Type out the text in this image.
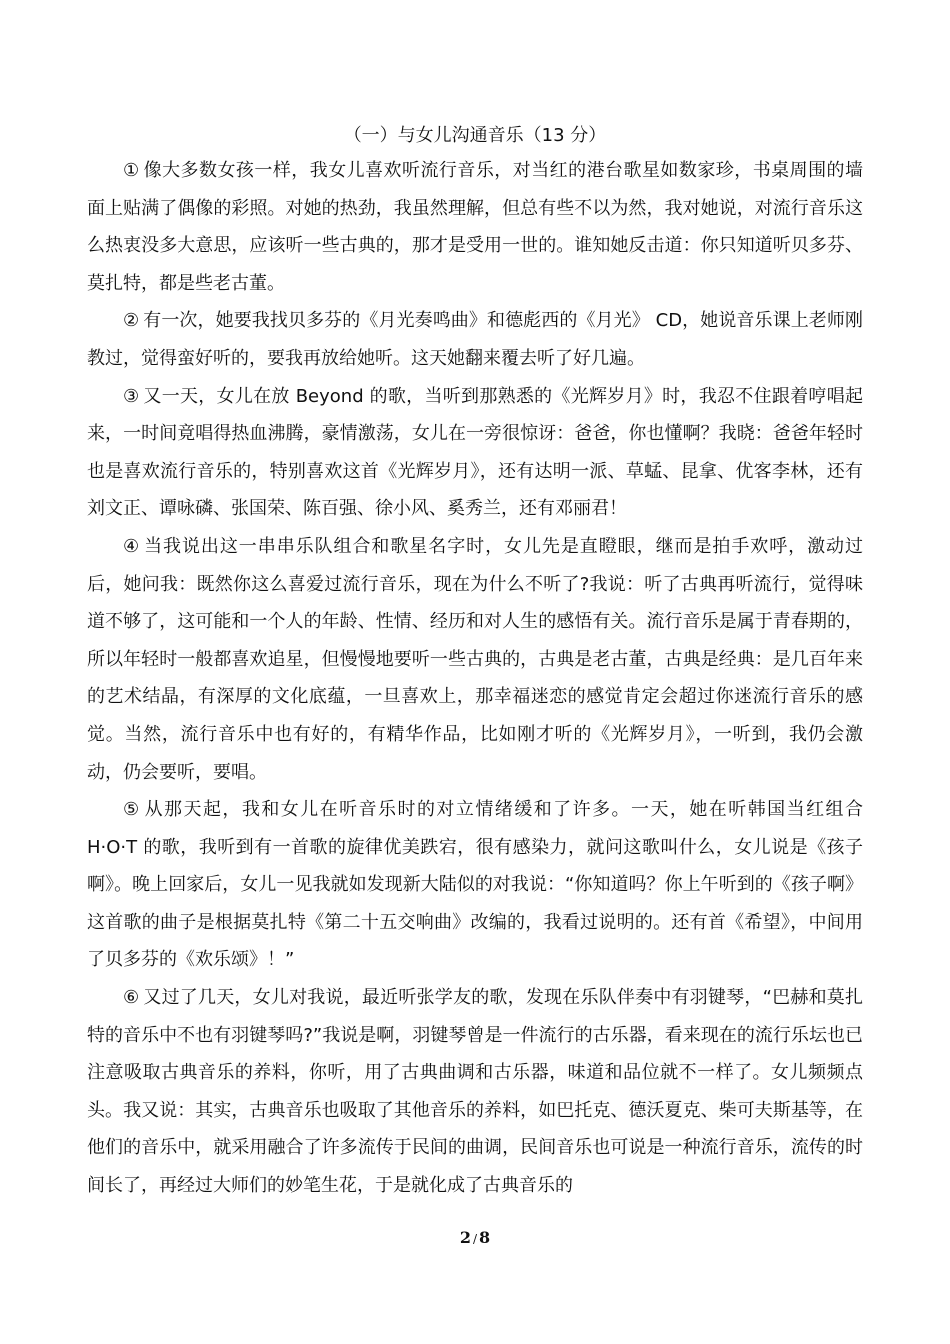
（一）与女儿沟通音乐（13 分）

① 像大多数女孩一样，我女儿喜欢听流行音乐，对当红的港台歌星如数家珍，书桌周围的墙面上贴满了偶像的彩照。对她的热劲，我虽然理解，但总有些不以为然，我对她说，对流行音乐这么热衷没多大意思，应该听一些古典的，那才是受用一世的。谁知她反击道：你只知道听贝多芬、莫扎特，都是些老古董。

② 有一次，她要我找贝多芬的《月光奏鸣曲》和德彪西的《月光》 CD，她说音乐课上老师刚教过，觉得蛮好听的，要我再放给她听。这天她翻来覆去听了好几遍。

③ 又一天，女儿在放 Beyond 的歌，当听到那熟悉的《光辉岁月》时，我忍不住跟着哼唱起来，一时间竟唱得热血沸腾，豪情激荡，女儿在一旁很惊讶：爸爸，你也懂啊？我晓：爸爸年轻时也是喜欢流行音乐的，特别喜欢这首《光辉岁月》，还有达明一派、草蜢、昆拿、优客李林，还有刘文正、谭咏磷、张国荣、陈百强、徐小风、奚秀兰，还有邓丽君！

④ 当我说出这一串串乐队组合和歌星名字时，女儿先是直瞪眼，继而是拍手欢呼，激动过后，她问我：既然你这么喜爱过流行音乐，现在为什么不听了?我说：听了古典再听流行，觉得味道不够了，这可能和一个人的年龄、性情、经历和对人生的感悟有关。流行音乐是属于青春期的，所以年轻时一般都喜欢追星，但慢慢地要听一些古典的，古典是老古董，古典是经典：是几百年来的艺术结晶，有深厚的文化底蕴，一旦喜欢上，那幸福迷恋的感觉肯定会超过你迷流行音乐的感觉。当然，流行音乐中也有好的，有精华作品，比如刚才听的《光辉岁月》，一听到，我仍会激动，仍会要听，要唱。

⑤ 从那天起，我和女儿在听音乐时的对立情绪缓和了许多。一天，她在听韩国当红组合 H·O·T 的歌，我听到有一首歌的旋律优美跌宕，很有感染力，就问这歌叫什么，女儿说是《孩子啊》。晚上回家后，女儿一见我就如发现新大陆似的对我说：“你知道吗？你上午听到的《孩子啊》这首歌的曲子是根据莫扎特《第二十五交响曲》改编的，我看过说明的。还有首《希望》，中间用了贝多芬的《欢乐颂》！”

⑥ 又过了几天，女儿对我说，最近听张学友的歌，发现在乐队伴奏中有羽键琴，“巴赫和莫扎特的音乐中不也有羽键琴吗?”我说是啊，羽键琴曾是一件流行的古乐器，看来现在的流行乐坛也已注意吸取古典音乐的养料，你听，用了古典曲调和古乐器，味道和品位就不一样了。女儿频频点头。我又说：其实，古典音乐也吸取了其他音乐的养料，如巴托克、德沃夏克、柴可夫斯基等，在他们的音乐中，就采用融合了许多流传于民间的曲调，民间音乐也可说是一种流行音乐，流传的时间长了，再经过大师们的妙笔生花，于是就化成了古典音乐的

2 / 8
